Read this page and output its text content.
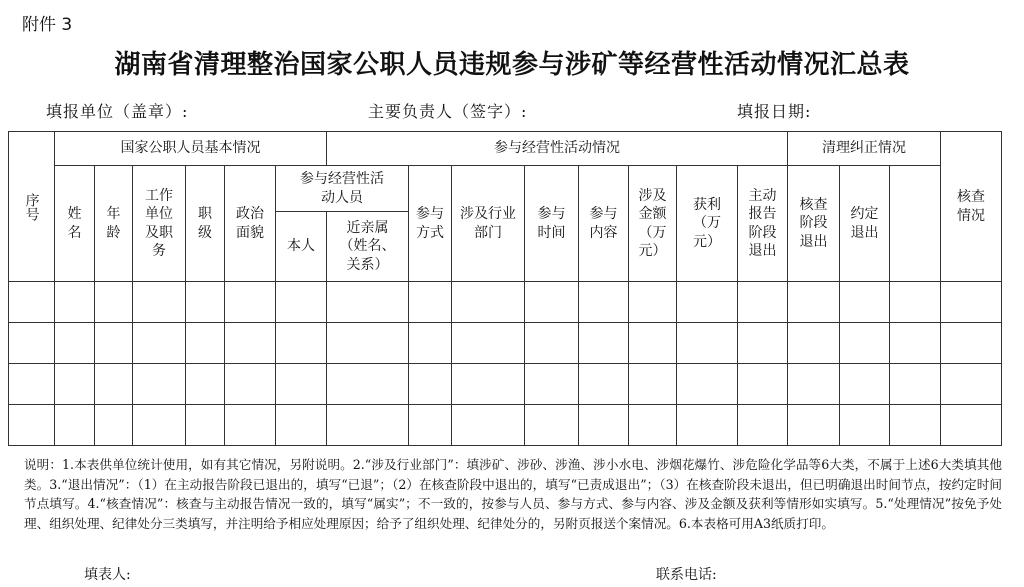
附件 3
湖南省清理整治国家公职人员违规参与涉矿等经营性活动情况汇总表
填报单位（盖章）:	主要负责人（签字）:	填报日期:
序号	国家公职人员基本情况						参与经营性活动情况								清理纠正情况			核查情况

	姓名	年龄	工作单位及职务	职级	政治面貌	参与经营性活动人员		参与方式	涉及行业部门	参与时间	参与内容	涉及金额（万元）	获利（万元）	主动报告阶段退出	核查阶段退出	约定退出			

						本人	近亲属（姓名、关系）												

说明：1.本表供单位统计使用，如有其它情况，另附说明。2.“涉及行业部门”：填涉矿、涉砂、涉渔、涉小水电、涉烟花爆竹、涉危险化学品等6大类，不属于上述6大类填其他类。3.“退出情况”：（1）在主动报告阶段已退出的，填写“已退”；（2）在核查阶段中退出的，填写“已责成退出”；（3）在核查阶段未退出，但已明确退出时间节点，按约定时间节点填写。4.“核查情况”：核查与主动报告情况一致的，填写“属实”；不一致的，按参与人员、参与方式、参与内容、涉及金额及获利等情形如实填写。5.“处理情况”按免予处理、组织处理、纪律处分三类填写，并注明给予相应处理原因；给予了组织处理、纪律处分的，另附页报送个案情况。6.本表格可用A3纸质打印。

填表人:	联系电话:
